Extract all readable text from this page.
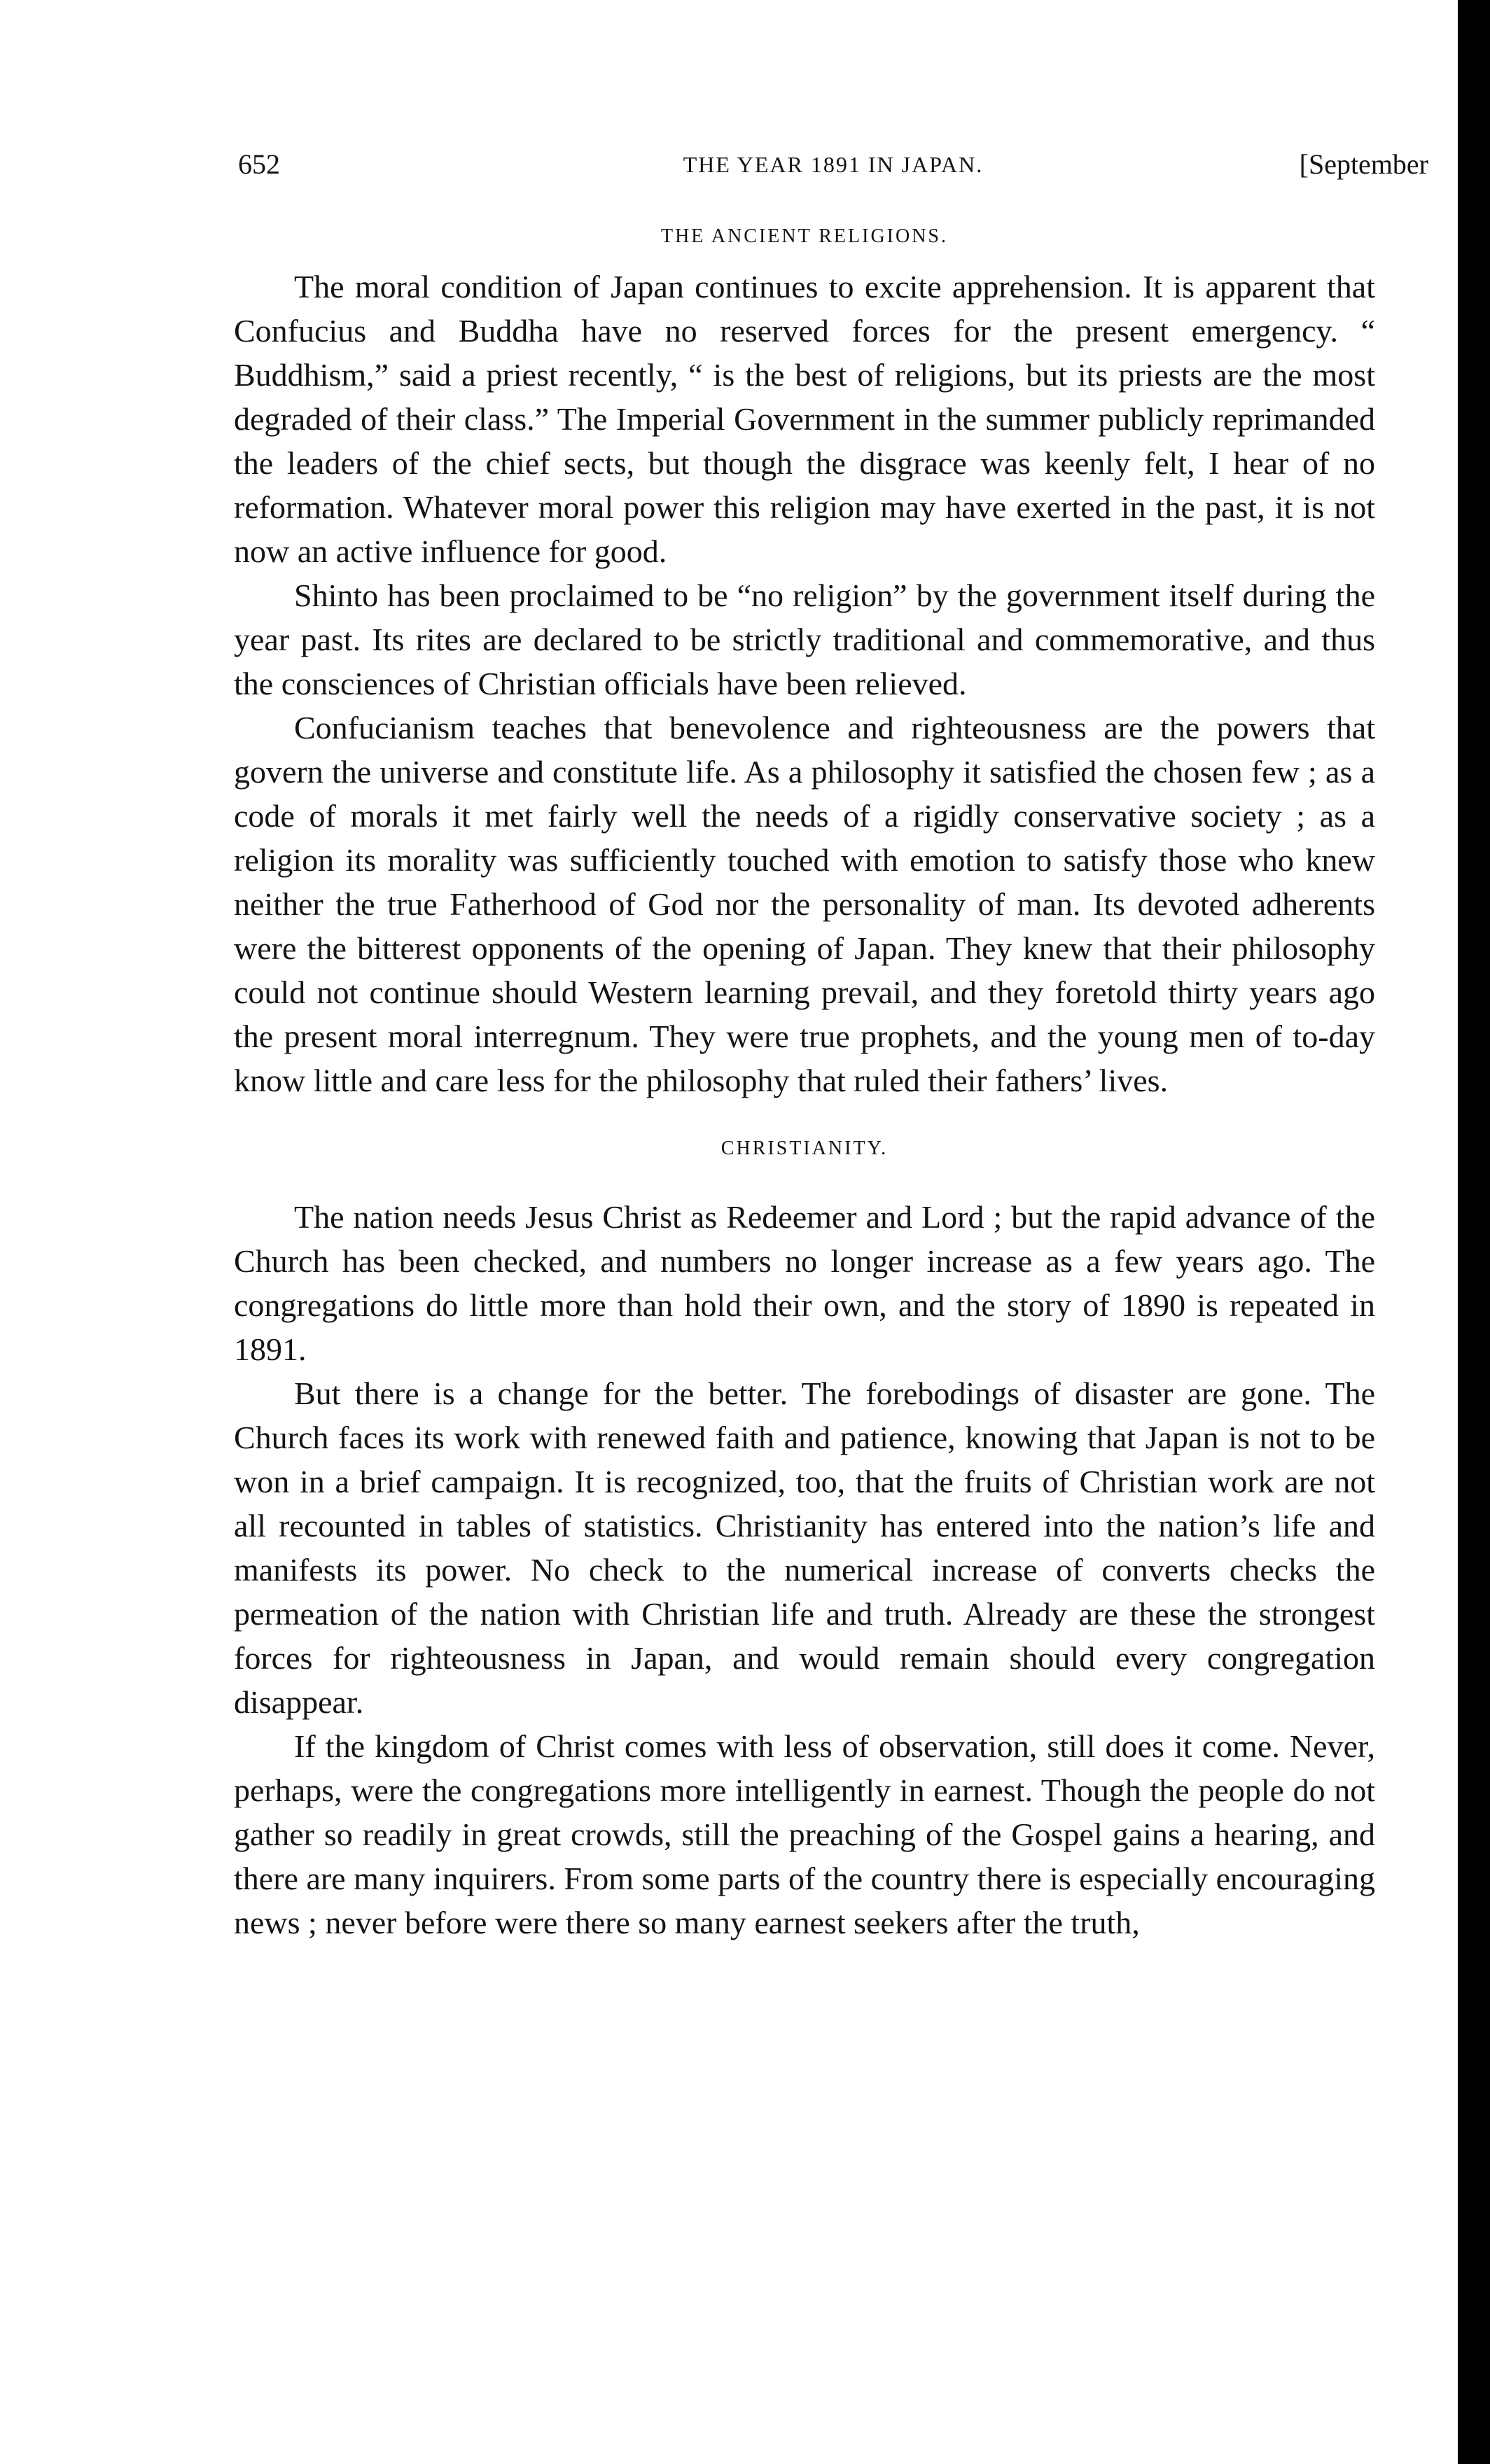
THE YEAR 1891 IN JAPAN.
652	[September
THE ANCIENT RELIGIONS.

The moral condition of Japan continues to excite apprehension. It is apparent that Confucius and Buddha have no reserved forces for the present emergency. “ Buddhism,” said a priest recently, “ is the best of religions, but its priests are the most degraded of their class.” The Imperial Government in the summer publicly reprimanded the leaders of the chief sects, but though the disgrace was keenly felt, I hear of no reformation. Whatever moral power this religion may have exerted in the past, it is not now an active influence for good.

Shinto has been proclaimed to be “no religion” by the government itself during the year past. Its rites are declared to be strictly traditional and commemorative, and thus the consciences of Christian officials have been relieved.

Confucianism teaches that benevolence and righteousness are the powers that govern the universe and constitute life. As a philosophy it satisfied the chosen few ; as a code of morals it met fairly well the needs of a rigidly conservative society ; as a religion its morality was sufficiently touched with emotion to satisfy those who knew neither the true Fatherhood of God nor the personality of man. Its devoted adherents were the bitterest opponents of the opening of Japan. They knew that their philosophy could not continue should Western learning prevail, and they foretold thirty years ago the present moral interregnum. They were true prophets, and the young men of to-day know little and care less for the philosophy that ruled their fathers’ lives.

CHRISTIANITY.

The nation needs Jesus Christ as Redeemer and Lord ; but the rapid advance of the Church has been checked, and numbers no longer increase as a few years ago. The congregations do little more than hold their own, and the story of 1890 is repeated in 1891.

But there is a change for the better. The forebodings of disaster are gone. The Church faces its work with renewed faith and patience, knowing that Japan is not to be won in a brief campaign. It is recognized, too, that the fruits of Christian work are not all recounted in tables of statistics. Christianity has entered into the nation’s life and manifests its power. No check to the numerical increase of converts checks the permeation of the nation with Christian life and truth. Already are these the strongest forces for righteousness in Japan, and would remain should every congregation disappear.

If the kingdom of Christ comes with less of observation, still does it come. Never, perhaps, were the congregations more intelligently in earnest. Though the people do not gather so readily in great crowds, still the preaching of the Gospel gains a hearing, and there are many inquirers. From some parts of the country there is especially encouraging news ; never before were there so many earnest seekers after the truth,
